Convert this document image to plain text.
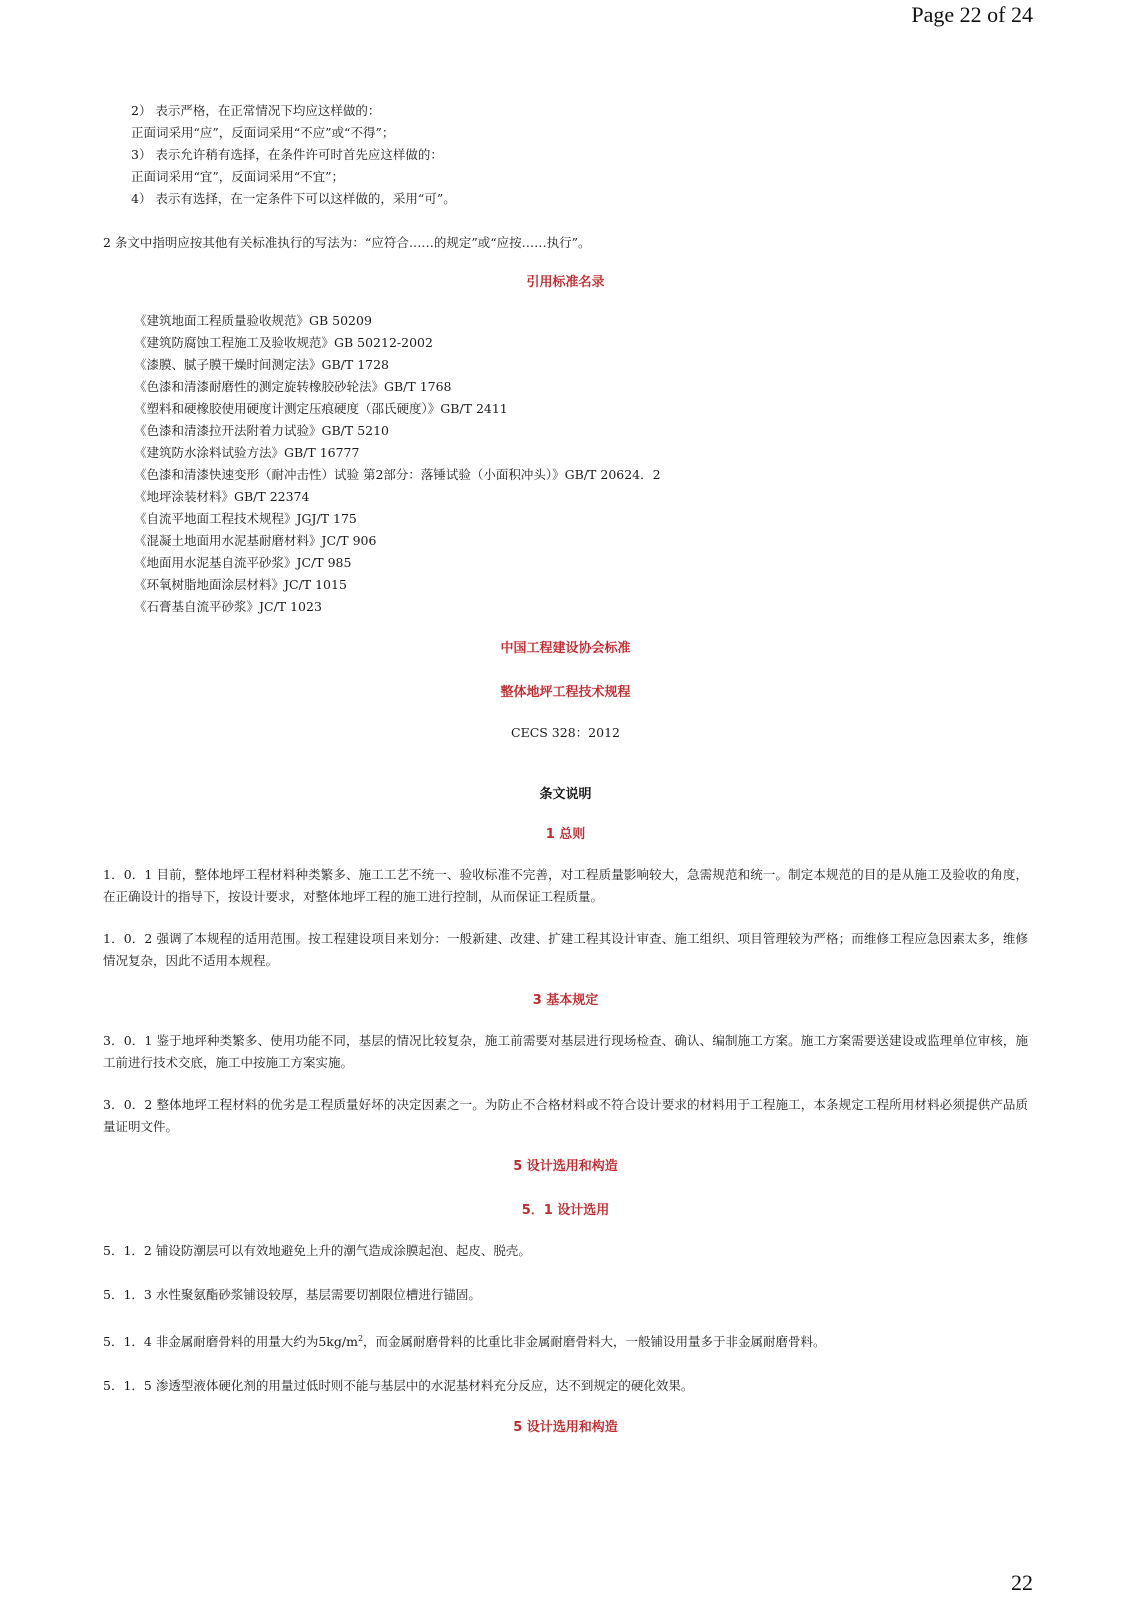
Page 22 of 24
2） 表示严格，在正常情况下均应这样做的：
正面词采用“应”，反面词采用“不应”或“不得”；
3） 表示允许稍有选择，在条件许可时首先应这样做的：
正面词采用“宜”，反面词采用“不宜”；
4） 表示有选择，在一定条件下可以这样做的，采用“可”。
2 条文中指明应按其他有关标准执行的写法为：“应符合……的规定”或“应按……执行”。
引用标准名录
《建筑地面工程质量验收规范》GB 50209
《建筑防腐蚀工程施工及验收规范》GB 50212-2002
《漆膜、腻子膜干燥时间测定法》GB/T 1728
《色漆和清漆耐磨性的测定旋转橡胶砂轮法》GB/T 1768
《塑料和硬橡胶使用硬度计测定压痕硬度（邵氏硬度）》GB/T 2411
《色漆和清漆拉开法附着力试验》GB/T 5210
《建筑防水涂料试验方法》GB/T 16777
《色漆和清漆快速变形（耐冲击性）试验 第2部分：落锤试验（小面积冲头）》GB/T 20624．2
《地坪涂装材料》GB/T 22374
《自流平地面工程技术规程》JGJ/T 175
《混凝土地面用水泥基耐磨材料》JC/T 906
《地面用水泥基自流平砂浆》JC/T 985
《环氧树脂地面涂层材料》JC/T 1015
《石膏基自流平砂浆》JC/T 1023
中国工程建设协会标准
整体地坪工程技术规程
CECS 328：2012
条文说明
1 总则
1．0．1 目前，整体地坪工程材料种类繁多、施工工艺不统一、验收标准不完善，对工程质量影响较大，急需规范和统一。制定本规范的目的是从施工及验收的角度，在正确设计的指导下，按设计要求，对整体地坪工程的施工进行控制，从而保证工程质量。
1．0．2 强调了本规程的适用范围。按工程建设项目来划分：一般新建、改建、扩建工程其设计审查、施工组织、项目管理较为严格；而维修工程应急因素太多，维修情况复杂，因此不适用本规程。
3 基本规定
3．0．1 鉴于地坪种类繁多、使用功能不同，基层的情况比较复杂，施工前需要对基层进行现场检查、确认、编制施工方案。施工方案需要送建设或监理单位审核，施工前进行技术交底，施工中按施工方案实施。
3．0．2 整体地坪工程材料的优劣是工程质量好坏的决定因素之一。为防止不合格材料或不符合设计要求的材料用于工程施工，本条规定工程所用材料必须提供产品质量证明文件。
5 设计选用和构造
5．1 设计选用
5．1．2 铺设防潮层可以有效地避免上升的潮气造成涂膜起泡、起皮、脱壳。
5．1．3 水性聚氨酯砂浆铺设较厚，基层需要切割限位槽进行锚固。
5．1．4 非金属耐磨骨料的用量大约为$5kg/m^2$，而金属耐磨骨料的比重比非金属耐磨骨料大，一般铺设用量多于非金属耐磨骨料。
5．1．5 渗透型液体硬化剂的用量过低时则不能与基层中的水泥基材料充分反应，达不到规定的硬化效果。
5 设计选用和构造
22
